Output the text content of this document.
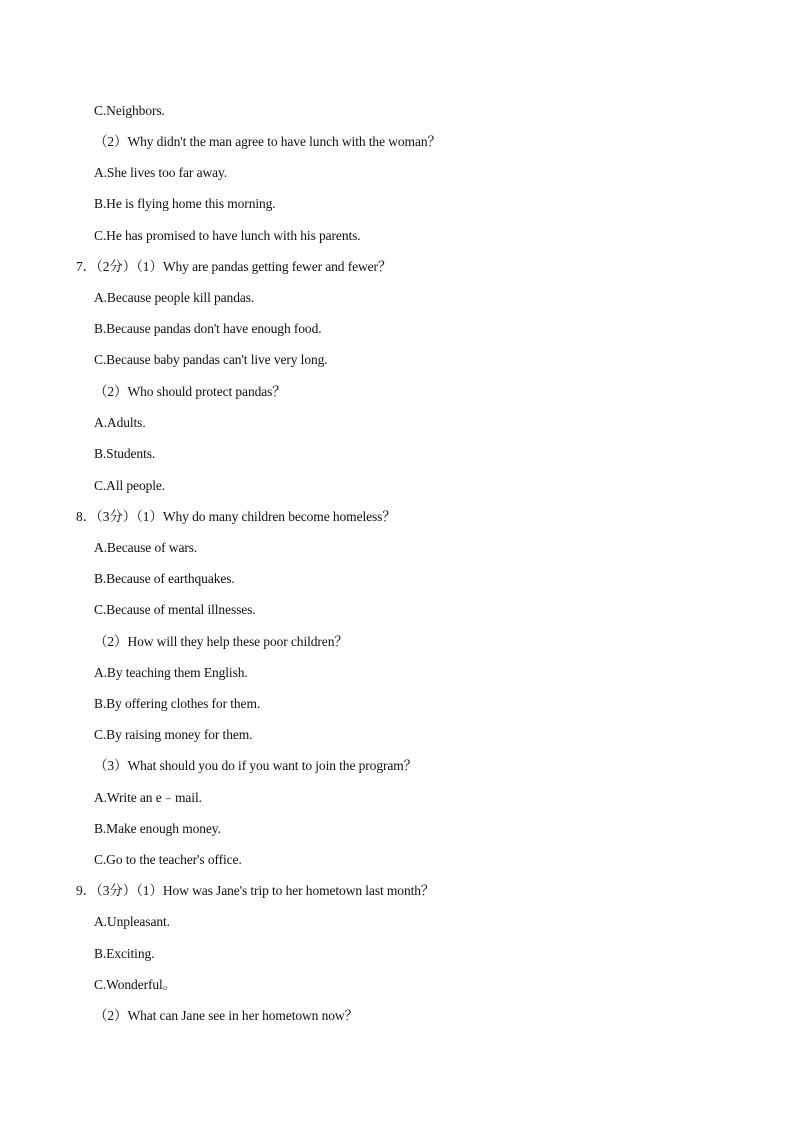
C.Neighbors.
（2）Why didn't the man agree to have lunch with the woman？
A.She lives too far away.
B.He is flying home this morning.
C.He has promised to have lunch with his parents.
7．（2分）（1）Why are pandas getting fewer and fewer？
A.Because people kill pandas.
B.Because pandas don't have enough food.
C.Because baby pandas can't live very long.
（2）Who should protect pandas？
A.Adults.
B.Students.
C.All people.
8．（3分）（1）Why do many children become homeless？
A.Because of wars.
B.Because of earthquakes.
C.Because of mental illnesses.
（2）How will they help these poor children？
A.By teaching them English.
B.By offering clothes for them.
C.By raising money for them.
（3）What should you do if you want to join the program？
A.Write an e﹣mail.
B.Make enough money.
C.Go to the teacher's office.
9．（3分）（1）How was Jane's trip to her hometown last month？
A.Unpleasant.
B.Exciting.
C.Wonderful。
（2）What can Jane see in her hometown now？
